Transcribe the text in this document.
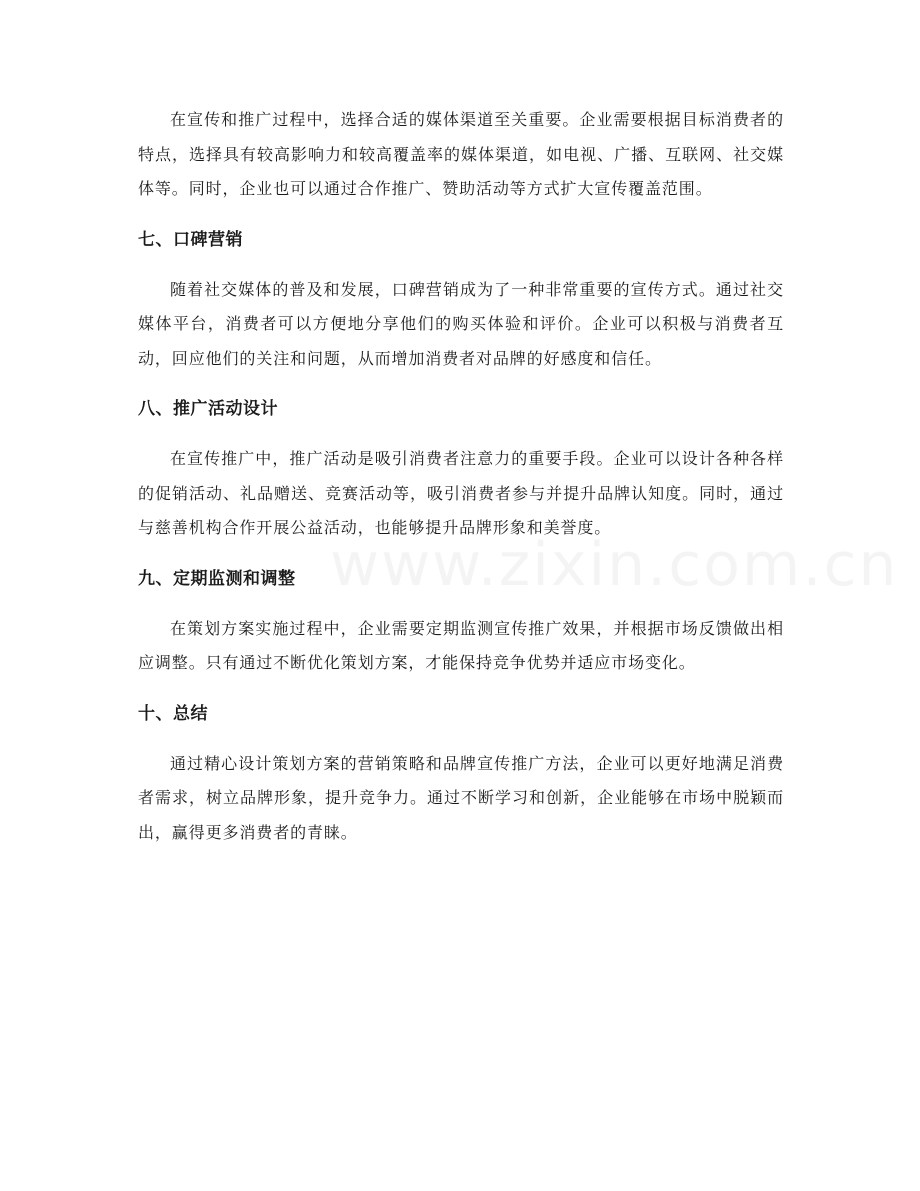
在宣传和推广过程中，选择合适的媒体渠道至关重要。企业需要根据目标消费者的特点，选择具有较高影响力和较高覆盖率的媒体渠道，如电视、广播、互联网、社交媒体等。同时，企业也可以通过合作推广、赞助活动等方式扩大宣传覆盖范围。

七、口碑营销

随着社交媒体的普及和发展，口碑营销成为了一种非常重要的宣传方式。通过社交媒体平台，消费者可以方便地分享他们的购买体验和评价。企业可以积极与消费者互动，回应他们的关注和问题，从而增加消费者对品牌的好感度和信任。

八、推广活动设计

在宣传推广中，推广活动是吸引消费者注意力的重要手段。企业可以设计各种各样的促销活动、礼品赠送、竞赛活动等，吸引消费者参与并提升品牌认知度。同时，通过与慈善机构合作开展公益活动，也能够提升品牌形象和美誉度。

九、定期监测和调整

在策划方案实施过程中，企业需要定期监测宣传推广效果，并根据市场反馈做出相应调整。只有通过不断优化策划方案，才能保持竞争优势并适应市场变化。

十、总结

通过精心设计策划方案的营销策略和品牌宣传推广方法，企业可以更好地满足消费者需求，树立品牌形象，提升竞争力。通过不断学习和创新，企业能够在市场中脱颖而出，赢得更多消费者的青睐。
